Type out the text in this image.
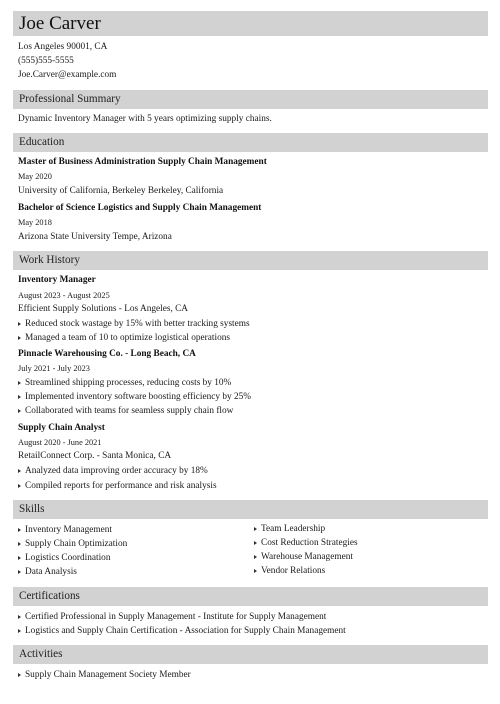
Joe Carver
Los Angeles 90001, CA
(555)555-5555
Joe.Carver@example.com
Professional Summary
Dynamic Inventory Manager with 5 years optimizing supply chains.
Education
Master of Business Administration Supply Chain Management
May 2020
University of California, Berkeley Berkeley, California
Bachelor of Science Logistics and Supply Chain Management
May 2018
Arizona State University Tempe, Arizona
Work History
Inventory Manager
August 2023 - August 2025
Efficient Supply Solutions - Los Angeles, CA
Reduced stock wastage by 15% with better tracking systems
Managed a team of 10 to optimize logistical operations
Pinnacle Warehousing Co. - Long Beach, CA
July 2021 - July 2023
Streamlined shipping processes, reducing costs by 10%
Implemented inventory software boosting efficiency by 25%
Collaborated with teams for seamless supply chain flow
Supply Chain Analyst
August 2020 - June 2021
RetailConnect Corp. - Santa Monica, CA
Analyzed data improving order accuracy by 18%
Compiled reports for performance and risk analysis
Skills
Inventory Management
Supply Chain Optimization
Logistics Coordination
Data Analysis
Team Leadership
Cost Reduction Strategies
Warehouse Management
Vendor Relations
Certifications
Certified Professional in Supply Management - Institute for Supply Management
Logistics and Supply Chain Certification - Association for Supply Chain Management
Activities
Supply Chain Management Society Member
